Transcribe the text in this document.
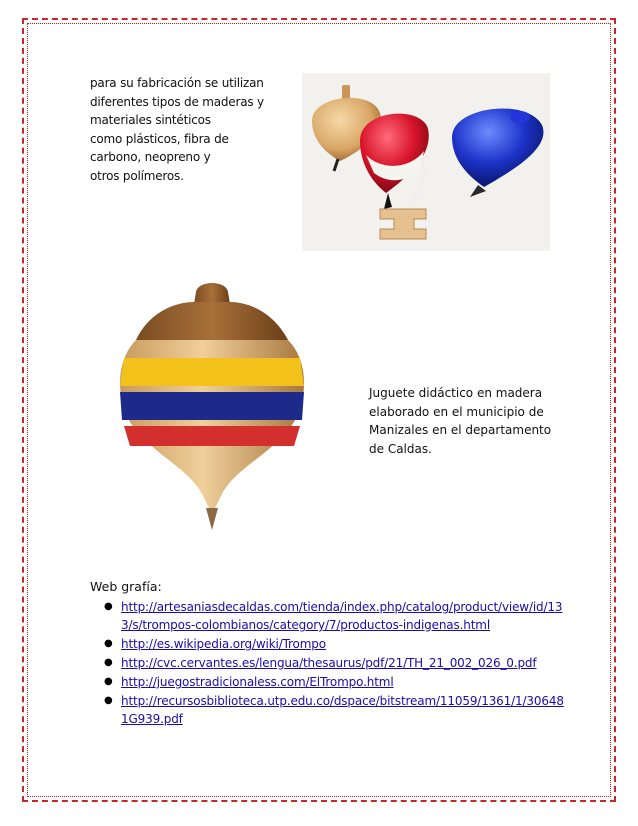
para su fabricación se utilizan
diferentes tipos de maderas y
materiales sintéticos
como plásticos, fibra de
carbono, neopreno y
otros polímeros.
Juguete didáctico en madera
elaborado en el municipio de
Manizales en el departamento
de Caldas.
Web grafía:
● http://artesaniasdecaldas.com/tienda/index.php/catalog/product/view/id/133/s/trompos-colombianos/category/7/productos-indigenas.html
● http://es.wikipedia.org/wiki/Trompo
● http://cvc.cervantes.es/lengua/thesaurus/pdf/21/TH_21_002_026_0.pdf
● http://juegostradicionaless.com/ElTrompo.html
● http://recursosbiblioteca.utp.edu.co/dspace/bitstream/11059/1361/1/306481G939.pdf
